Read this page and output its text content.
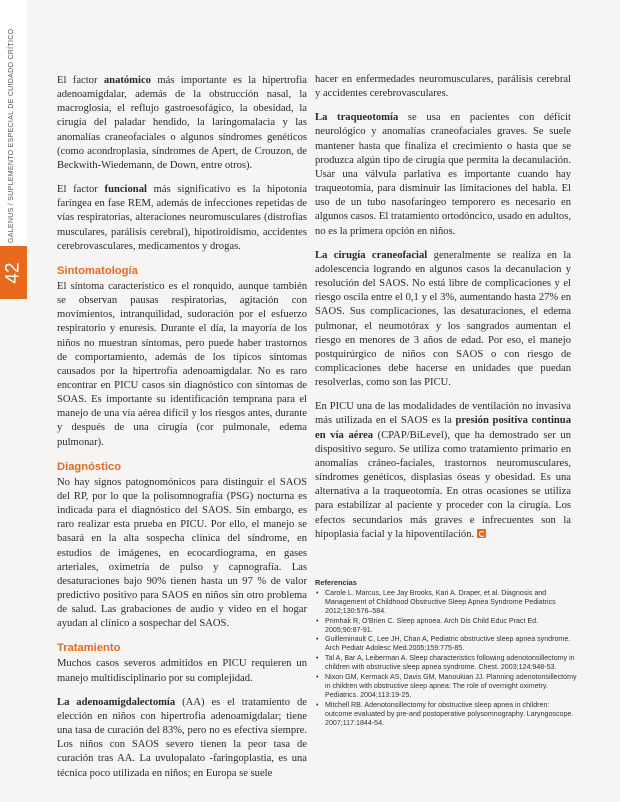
GALENUS / SUPLEMENTO ESPECIAL DE CUIDADO CRÍTICO
42

El factor anatómico más importante es la hipertrofia adenoamigdalar, además de la obstrucción nasal, la macroglosia, el reflujo gastroesofágico, la obesidad, la cirugía del paladar hendido, la laringomalacia y las anomalías craneofaciales o algunos síndromes genéticos (como acondroplasia, síndromes de Apert, de Crouzon, de Beckwith-Wiedemann, de Down, entre otros).

El factor funcional más significativo es la hipotonía faríngea en fase REM, además de infecciones repetidas de vías respiratorias, alteraciones neuromusculares (distrofias musculares, parálisis cerebral), hipotiroidismo, accidentes cerebrovasculares, medicamentos y drogas.

Sintomatología

El síntoma característico es el ronquido, aunque también se observan pausas respiratorias, agitación con movimientos, intranquilidad, sudoración por el esfuerzo respiratorio y enuresis. Durante el día, la mayoría de los niños no muestran síntomas, pero puede haber trastornos de comportamiento, además de los típicos síntomas causados por la hipertrofia adenoamigdalar. No es raro encontrar en PICU casos sin diagnóstico con síntomas de SOAS. Es importante su identificación temprana para el manejo de una vía aérea difícil y los riesgos antes, durante y después de una cirugía (cor pulmonale, edema pulmonar).

Diagnóstico

No hay signos patognomónicos para distinguir el SAOS del RP, por lo que la polisomnografía (PSG) nocturna es indicada para el diagnóstico del SAOS. Sin embargo, es raro realizar esta prueba en PICU. Por ello, el manejo se basará en la alta sospecha clínica del síndrome, en estudios de imágenes, en ecocardiograma, en gases arteriales, oximetría de pulso y capnografía. Las desaturaciones bajo 90% tienen hasta un 97 % de valor predictivo positivo para SAOS en niños sin otro problema de salud. Las grabaciones de audio y video en el hogar ayudan al clínico a sospechar del SAOS.

Tratamiento

Muchos casos severos admitidos en PICU requieren un manejo multidisciplinario por su complejidad.

La adenoamigdalectomía (AA) es el tratamiento de elección en niños con hipertrofia adenoamigdalar; tiene una tasa de curación del 83%, pero no es efectiva siempre. Los niños con SAOS severo tienen la peor tasa de curación tras AA. La uvulopalato -faringoplastia, es una técnica poco utilizada en niños; en Europa se suele

hacer en enfermedades neuromusculares, parálisis cerebral y accidentes cerebrovasculares.

La traqueotomía se usa en pacientes con déficit neurológico y anomalías craneofaciales graves. Se suele mantener hasta que finaliza el crecimiento o hasta que se produzca algún tipo de cirugía que permita la decanulación. Usar una válvula parlativa es importante cuando hay traqueotomía, para disminuir las limitaciones del habla. El uso de un tubo nasofaríngeo temporero es necesario en algunos casos. El tratamiento ortodóncico, usado en adultos, no es la primera opción en niños.

La cirugía craneofacial generalmente se realiza en la adolescencia logrando en algunos casos la decanulacion y resolución del SAOS. No está libre de complicaciones y el riesgo oscila entre el 0,1 y el 3%, aumentando hasta 27% en SAOS. Sus complicaciones, las desaturaciones, el edema pulmonar, el neumotórax y los sangrados aumentan el riesgo en menores de 3 años de edad. Por eso, el manejo postquirúrgico de niños con SAOS o con riesgo de complicaciones debe hacerse en unidades que puedan resolverlas, como son las PICU.

En PICU una de las modalidades de ventilación no invasiva más utilizada en el SAOS es la presión positiva continua en vía aérea (CPAP/BiLevel), que ha demostrado ser un dispositivo seguro. Se utiliza como tratamiento primario en anomalías cráneo-faciales, trastornos neuromusculares, síndromes genéticos, displasias óseas y obesidad. Es una alternativa a la traqueotomía. En otras ocasiones se utiliza para estabilizar al paciente y proceder con la cirugía. Los efectos secundarios más graves e infrecuentes son la hipoplasia facial y la hipoventilación.

Referencias
• Carole L. Marcus, Lee Jay Brooks, Kari A. Draper, et al. Diagnosis and Management of Childhood Obstructive Sleep Apnea Syndrome Pediatrics 2012;130:576–584.
• Primhak R, O'Brien C. Sleep apnoea. Arch Dis Child Educ Pract Ed. 2005;90:87-91.
• Guilleminault C, Lee JH, Chan A, Pediatric obstructive sleep apnea syndrome. Arch Pediatr Adolesc Med.2005;159:775-85.
• Tal A, Bar A, Leiberman A. Sleep characteristics following adenotonsillectomy in children with obstructive sleep apnea syndrome. Chest. 2003;124:948-53.
• Nixon GM, Kermack AS, Davis GM, Manoukian JJ. Planning adenotonsillectomy in children with obstructive sleep apnea: The role of overnight oximetry. Pediatrics. 2004;113:19-25.
• Mitchell RB. Adenotonsillectomy for obstructive sleep apnea in children: outcome evaluated by pre-and postoperative polysomnography. Laryngoscope. 2007;117:1844-54.
